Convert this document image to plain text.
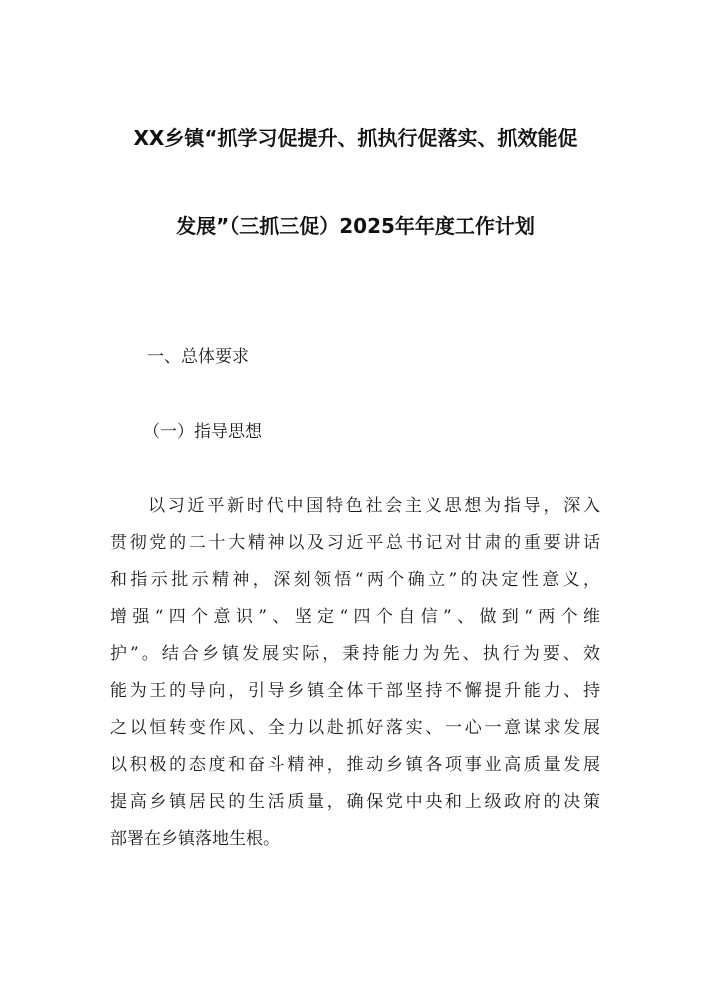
XX乡镇“抓学习促提升、抓执行促落实、抓效能促
发展”（三抓三促）2025年年度工作计划
一、总体要求
（一）指导思想
以习近平新时代中国特色社会主义思想为指导，深入
贯彻党的二十大精神以及习近平总书记对甘肃的重要讲话
和指示批示精神，深刻领悟“两个确立”的决定性意义，
增强“四个意识”、坚定“四个自信”、做到“两个维
护”。结合乡镇发展实际，秉持能力为先、执行为要、效
能为王的导向，引导乡镇全体干部坚持不懈提升能力、持
之以恒转变作风、全力以赴抓好落实、一心一意谋求发展
以积极的态度和奋斗精神，推动乡镇各项事业高质量发展
提高乡镇居民的生活质量，确保党中央和上级政府的决策
部署在乡镇落地生根。
